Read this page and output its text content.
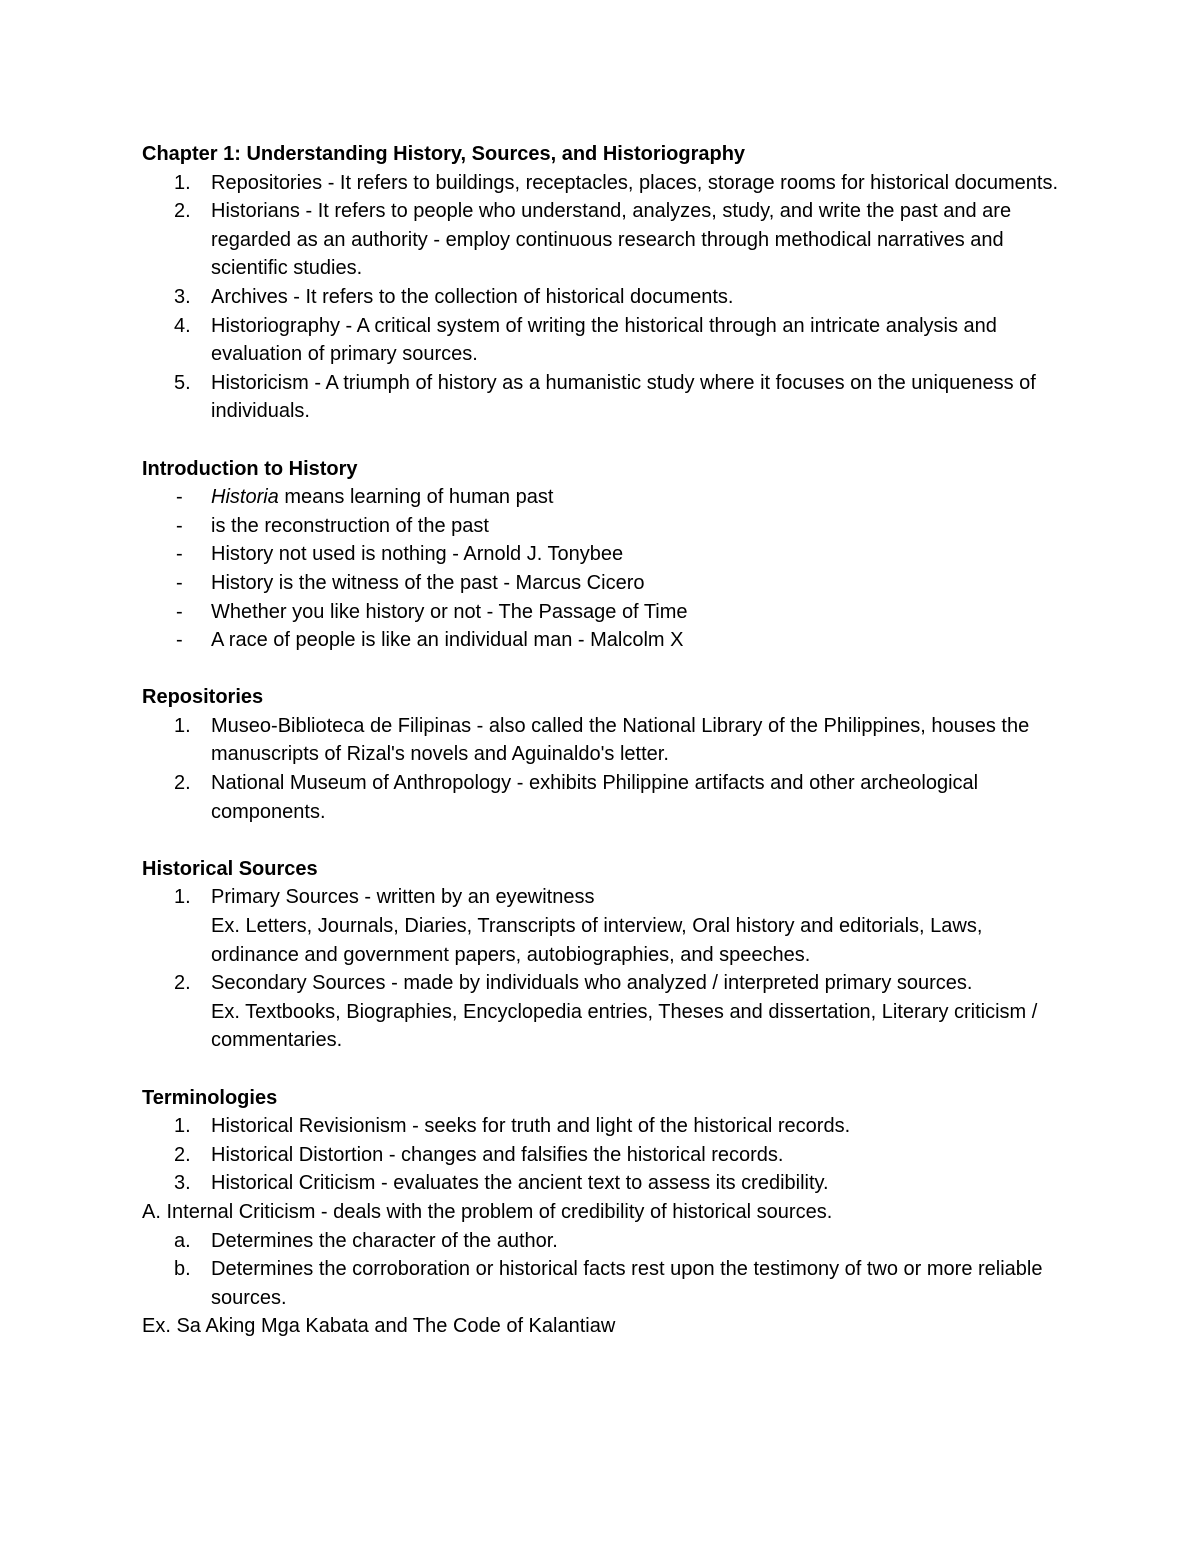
Chapter 1: Understanding History, Sources, and Historiography
1. Repositories - It refers to buildings, receptacles, places, storage rooms for historical documents.
2. Historians - It refers to people who understand, analyzes, study, and write the past and are regarded as an authority - employ continuous research through methodical narratives and scientific studies.
3. Archives - It refers to the collection of historical documents.
4. Historiography - A critical system of writing the historical through an intricate analysis and evaluation of primary sources.
5. Historicism - A triumph of history as a humanistic study where it focuses on the uniqueness of individuals.
Introduction to History
- Historia means learning of human past
- is the reconstruction of the past
- History not used is nothing - Arnold J. Tonybee
- History is the witness of the past - Marcus Cicero
- Whether you like history or not - The Passage of Time
- A race of people is like an individual man - Malcolm X
Repositories
1. Museo-Biblioteca de Filipinas - also called the National Library of the Philippines, houses the manuscripts of Rizal's novels and Aguinaldo's letter.
2. National Museum of Anthropology - exhibits Philippine artifacts and other archeological components.
Historical Sources
1. Primary Sources - written by an eyewitness
Ex. Letters, Journals, Diaries, Transcripts of interview, Oral history and editorials, Laws, ordinance and government papers, autobiographies, and speeches.
2. Secondary Sources - made by individuals who analyzed / interpreted primary sources.
Ex. Textbooks, Biographies, Encyclopedia entries, Theses and dissertation, Literary criticism / commentaries.
Terminologies
1. Historical Revisionism - seeks for truth and light of the historical records.
2. Historical Distortion - changes and falsifies the historical records.
3. Historical Criticism - evaluates the ancient text to assess its credibility.
A. Internal Criticism - deals with the problem of credibility of historical sources.
a. Determines the character of the author.
b. Determines the corroboration or historical facts rest upon the testimony of two or more reliable sources.
Ex. Sa Aking Mga Kabata and The Code of Kalantiaw
